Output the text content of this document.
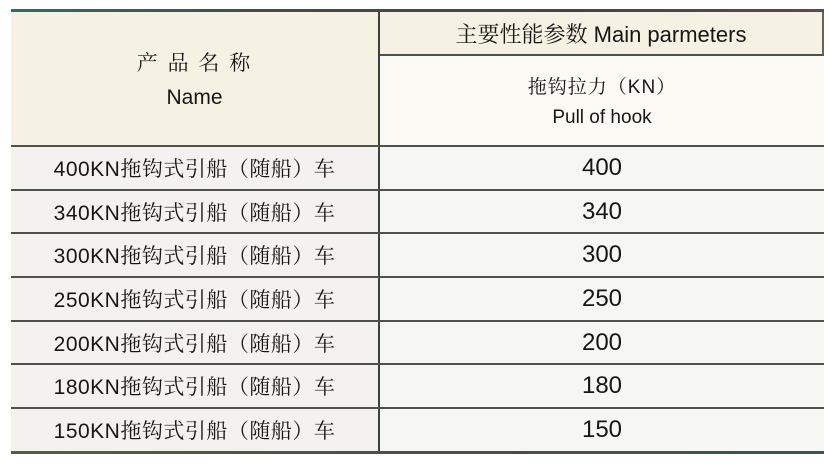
产 品 名 称
Name
主要性能参数 Main parmeters
拖钩拉力（KN）
Pull of hook
400KN拖钩式引船（随船）车	400
340KN拖钩式引船（随船）车	340
300KN拖钩式引船（随船）车	300
250KN拖钩式引船（随船）车	250
200KN拖钩式引船（随船）车	200
180KN拖钩式引船（随船）车	180
150KN拖钩式引船（随船）车	150
